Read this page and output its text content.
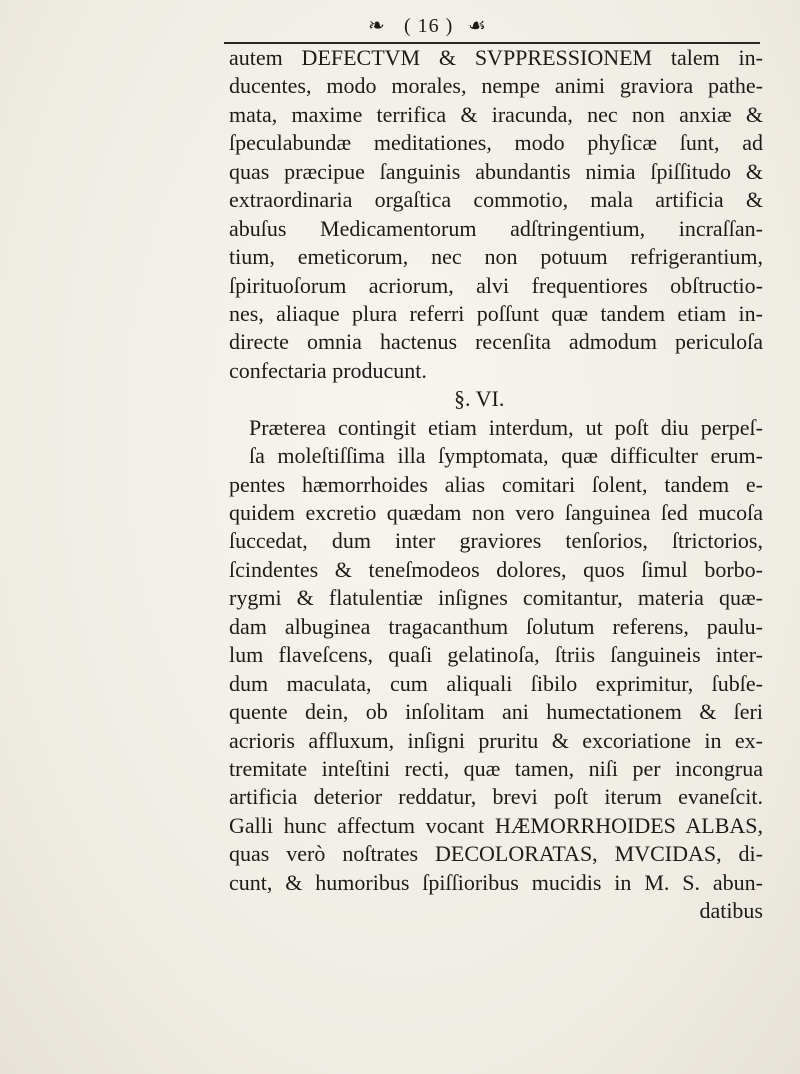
❧ ( 16 ) ☙
autem DEFECTVM & SVPPRESSIONEM talem in-
ducentes, modo morales, nempe animi graviora pathe-
mata, maxime terrifica & iracunda, nec non anxiæ &
ſpeculabundæ meditationes, modo phyſicæ ſunt, ad
quas præcipue ſanguinis abundantis nimia ſpiſſitudo &
extraordinaria orgaſtica commotio, mala artificia &
abuſus Medicamentorum adſtringentium, incraſſan-
tium, emeticorum, nec non potuum refrigerantium,
ſpirituoſorum acriorum, alvi frequentiores obſtructio-
nes, aliaque plura referri poſſunt quæ tandem etiam in-
directe omnia hactenus recenſita admodum periculoſa
confectaria producunt.
§. VI.
Præterea contingit etiam interdum, ut poſt diu perpeſ-
ſa moleſtiſſima illa ſymptomata, quæ difficulter erum-
pentes hæmorrhoides alias comitari ſolent, tandem e-
quidem excretio quædam non vero ſanguinea ſed mucoſa
ſuccedat, dum inter graviores tenſorios, ſtrictorios,
ſcindentes & teneſmodeos dolores, quos ſimul borbo-
rygmi & flatulentiæ inſignes comitantur, materia quæ-
dam albuginea tragacanthum ſolutum referens, paulu-
lum flaveſcens, quaſi gelatinoſa, ſtriis ſanguineis inter-
dum maculata, cum aliquali ſibilo exprimitur, ſubſe-
quente dein, ob inſolitam ani humectationem & ſeri
acrioris affluxum, inſigni pruritu & excoriatione in ex-
tremitate inteſtini recti, quæ tamen, niſi per incongrua
artificia deterior reddatur, brevi poſt iterum evaneſcit.
Galli hunc affectum vocant HÆMORRHOIDES ALBAS,
quas verò noſtrates DECOLORATAS, MVCIDAS, di-
cunt, & humoribus ſpiſſioribus mucidis in M. S. abun-
datibus
